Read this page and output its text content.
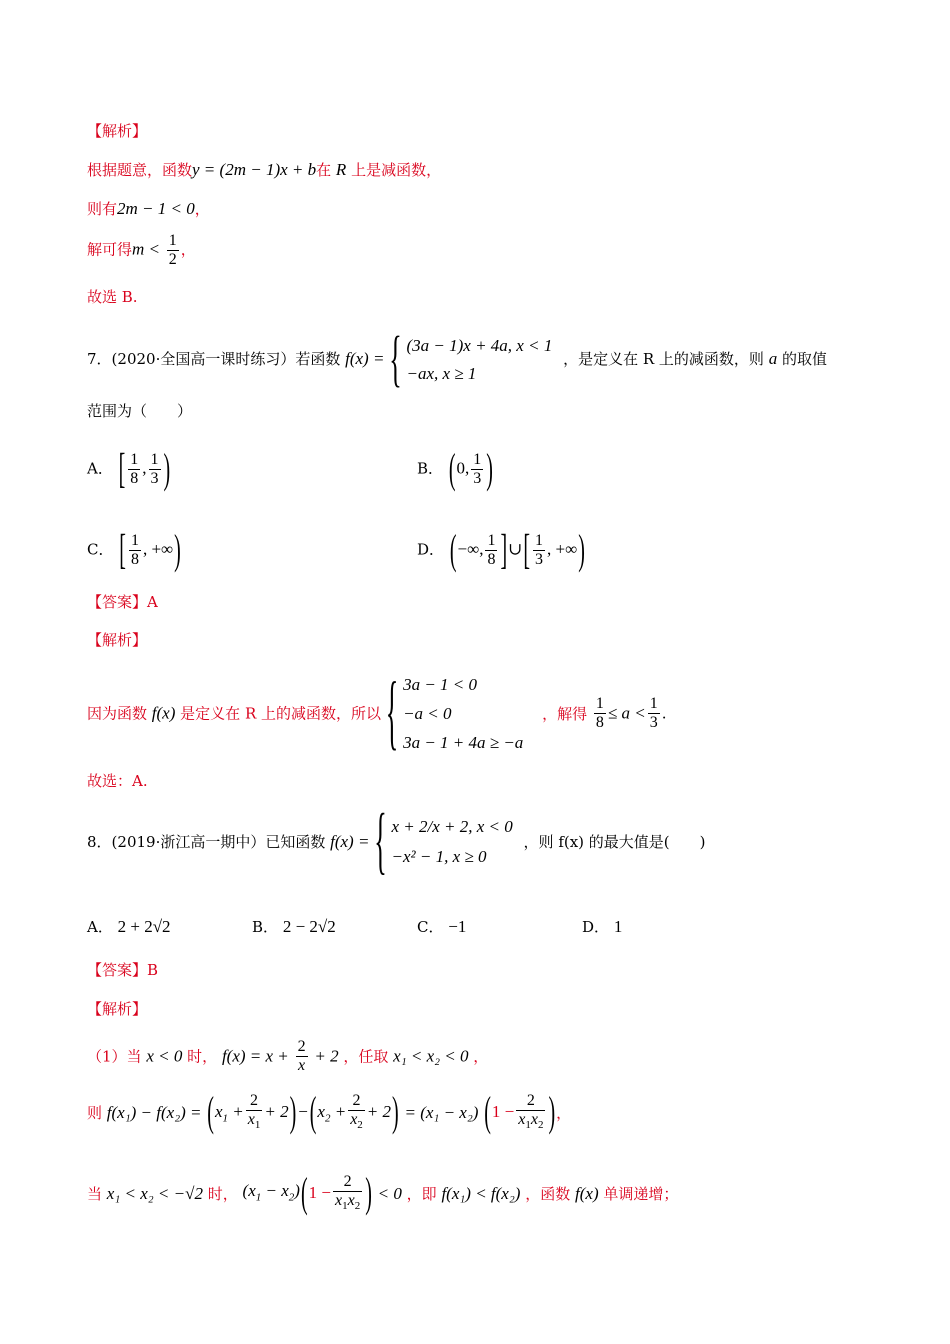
【解析】
根据题意，函数y = (2m − 1)x + b在 R 上是减函数，
则有2m − 1 < 0，
解可得$m < \frac{1}{2}$ ，
故选 B.
7．(2020·全国高一课时练习）若函数 f(x) = { (3a − 1)x + 4a, x < 1
−ax, x ≥ 1
，是定义在 R 上的减函数，则 a 的取值
范围为（　　）
A． [ $\frac{1}{8}$ , $\frac{1}{3}$ )	B． (0, $\frac{1}{3}$ )
C． [ $\frac{1}{8}$ , +∞)	D． (−∞, $\frac{1}{8}$ ]∪[ $\frac{1}{3}$ , +∞)
【答案】A
【解析】
因为函数 f(x) 是定义在 R 上的减函数，所以 { 3a − 1 < 0
−a < 0
3a − 1 + 4a ≥ −a
，解得 $\frac{1}{8} \le a < \frac{1}{3}$ .
故选：A.
8．(2019·浙江高一期中）已知函数 f(x) = { x + 2/x + 2, x < 0
−x² − 1, x ≥ 0
，则 f(x) 的最大值是(　　)
A． 2 + 2√2	B． 2 − 2√2	C． −1	D． 1
【答案】B
【解析】
（1）当 x < 0 时， $f(x) = x + \frac{2}{x} + 2$ ，任取 x₁ < x₂ < 0 ，
则 $f(x_1) - f(x_2) = (x_1 + \frac{2}{x_1} + 2)-(x_2 + \frac{2}{x_2} + 2) = (x_1 - x_2) (1 - \frac{2}{x_1x_2}$ )，
当 x₁ < x₂ < −√2 时， $(x_1 - x_2)(1 - \frac{2}{x_1x_2}$ ) < 0 ，即 f(x₁) < f(x₂) ，函数 f(x) 单调递增；
